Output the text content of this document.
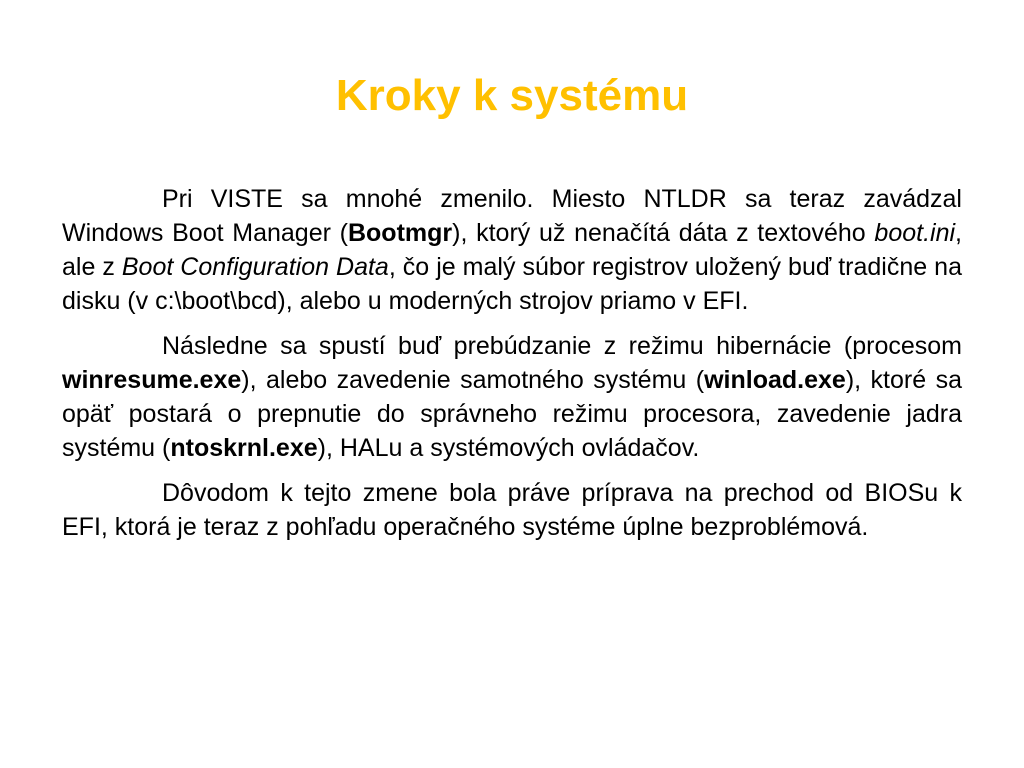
Kroky k systému

Pri VISTE sa mnohé zmenilo. Miesto NTLDR sa teraz zavádzal Windows Boot Manager (Bootmgr), ktorý už nenačítá dáta z textového boot.ini, ale z Boot Configuration Data, čo je malý súbor registrov uložený buď tradične na disku (v c:\boot\bcd), alebo u moderných strojov priamo v EFI.

Následne sa spustí buď prebúdzanie z režimu hibernácie (procesom winresume.exe), alebo zavedenie samotného systému (winload.exe), ktoré sa opäť postará o prepnutie do správneho režimu procesora, zavedenie jadra systému (ntoskrnl.exe), HALu a systémových ovládačov.

Dôvodom k tejto zmene bola práve príprava na prechod od BIOSu k EFI, ktorá je teraz z pohľadu operačného systéme úplne bezproblémová.
